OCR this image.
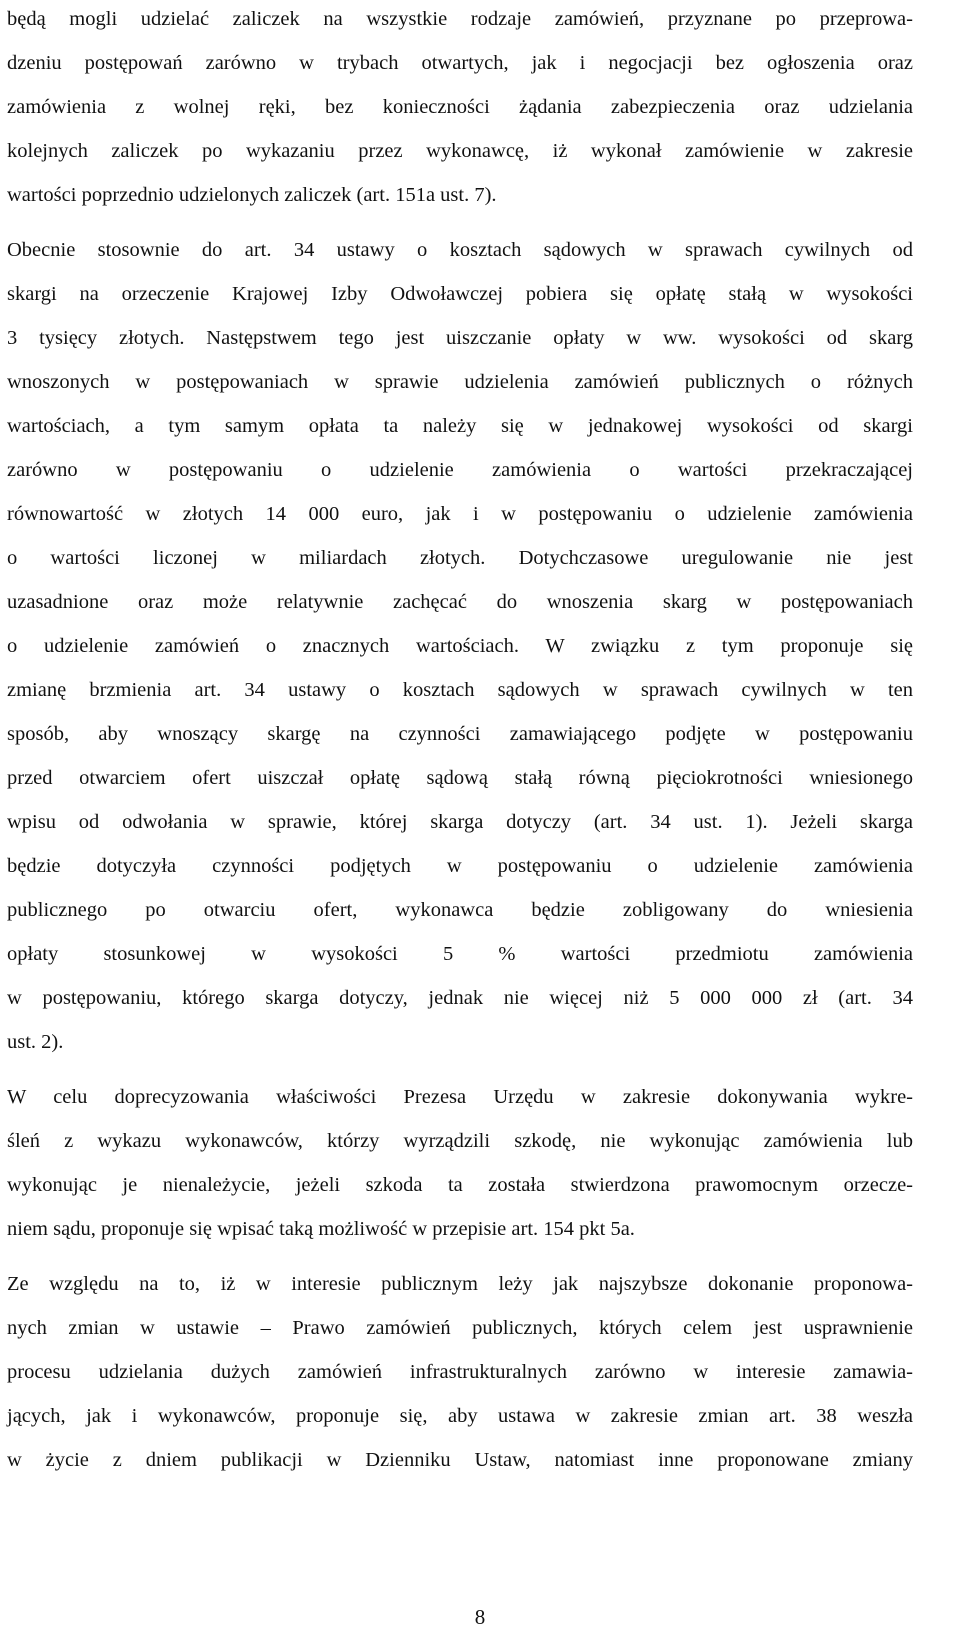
będą mogli udzielać zaliczek na wszystkie rodzaje zamówień, przyznane po przeprowa-
dzeniu postępowań zarówno w trybach otwartych, jak i negocjacji bez ogłoszenia oraz
zamówienia z wolnej ręki, bez konieczności żądania zabezpieczenia oraz udzielania
kolejnych zaliczek po wykazaniu przez wykonawcę, iż wykonał zamówienie w zakresie
wartości poprzednio udzielonych zaliczek (art. 151a ust. 7).
Obecnie stosownie do art. 34 ustawy o kosztach sądowych w sprawach cywilnych od
skargi na orzeczenie Krajowej Izby Odwoławczej pobiera się opłatę stałą w wysokości
3 tysięcy złotych. Następstwem tego jest uiszczanie opłaty w ww. wysokości od skarg
wnoszonych w postępowaniach w sprawie udzielenia zamówień publicznych o różnych
wartościach, a tym samym opłata ta należy się w jednakowej wysokości od skargi
zarówno w postępowaniu o udzielenie zamówienia o wartości przekraczającej
równowartość w złotych 14 000 euro, jak i w postępowaniu o udzielenie zamówienia
o wartości liczonej w miliardach złotych. Dotychczasowe uregulowanie nie jest
uzasadnione oraz może relatywnie zachęcać do wnoszenia skarg w postępowaniach
o udzielenie zamówień o znacznych wartościach. W związku z tym proponuje się
zmianę brzmienia art. 34 ustawy o kosztach sądowych w sprawach cywilnych w ten
sposób, aby wnoszący skargę na czynności zamawiającego podjęte w postępowaniu
przed otwarciem ofert uiszczał opłatę sądową stałą równą pięciokrotności wniesionego
wpisu od odwołania w sprawie, której skarga dotyczy (art. 34 ust. 1). Jeżeli skarga
będzie dotyczyła czynności podjętych w postępowaniu o udzielenie zamówienia
publicznego po otwarciu ofert, wykonawca będzie zobligowany do wniesienia
opłaty stosunkowej w wysokości 5 % wartości przedmiotu zamówienia
w postępowaniu, którego skarga dotyczy, jednak nie więcej niż 5 000 000 zł (art. 34
ust. 2).
W celu doprecyzowania właściwości Prezesa Urzędu w zakresie dokonywania wykre-
śleń z wykazu wykonawców, którzy wyrządzili szkodę, nie wykonując zamówienia lub
wykonując je nienależycie, jeżeli szkoda ta została stwierdzona prawomocnym orzecze-
niem sądu, proponuje się wpisać taką możliwość w przepisie art. 154 pkt 5a.
Ze względu na to, iż w interesie publicznym leży jak najszybsze dokonanie proponowa-
nych zmian w ustawie – Prawo zamówień publicznych, których celem jest usprawnienie
procesu udzielania dużych zamówień infrastrukturalnych zarówno w interesie zamawia-
jących, jak i wykonawców, proponuje się, aby ustawa w zakresie zmian art. 38 weszła
w życie z dniem publikacji w Dzienniku Ustaw, natomiast inne proponowane zmiany
8
